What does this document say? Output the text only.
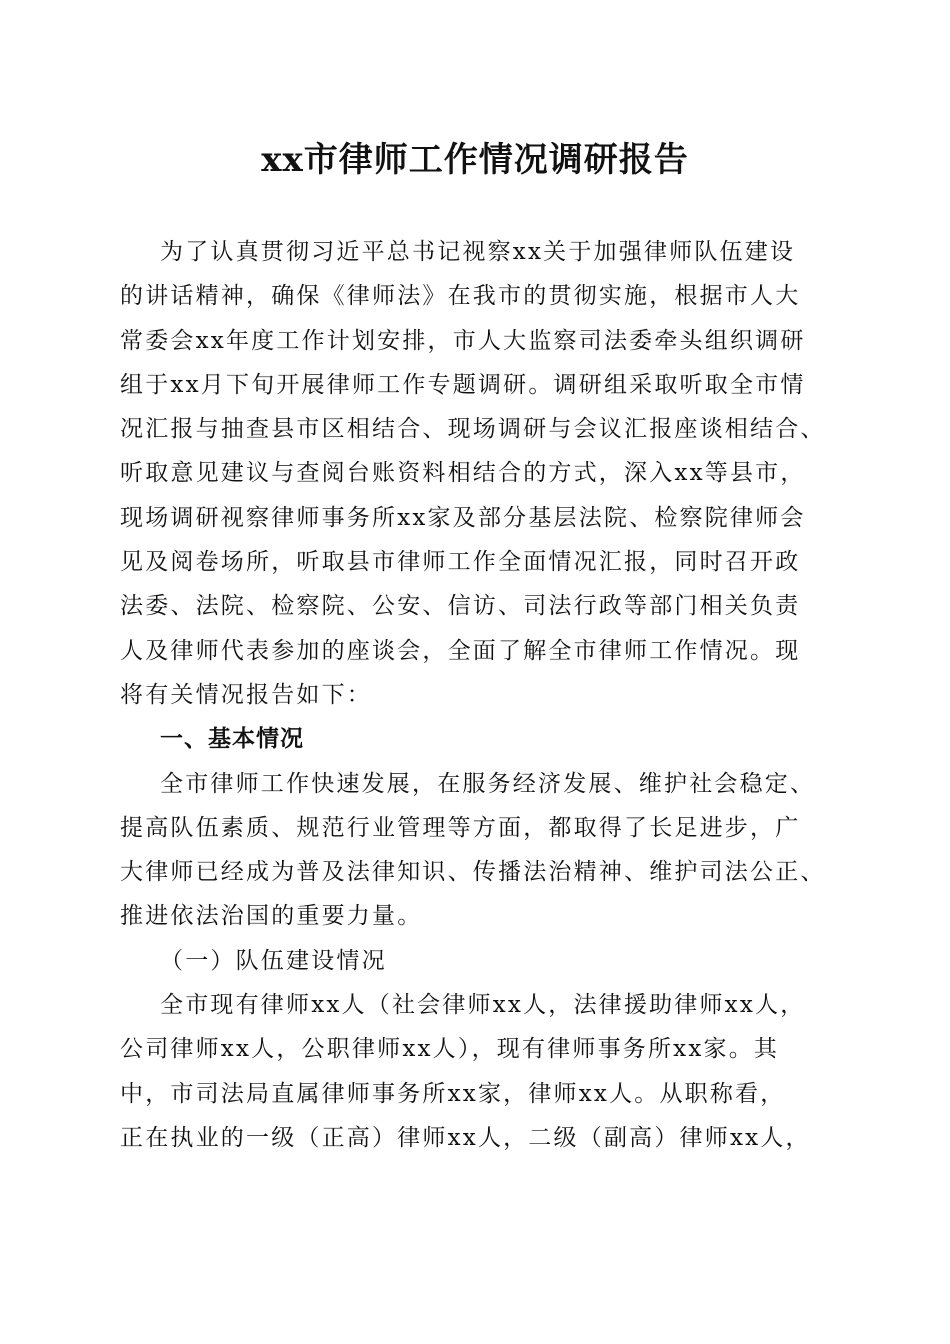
xx市律师工作情况调研报告
为了认真贯彻习近平总书记视察xx关于加强律师队伍建设
的讲话精神，确保《律师法》在我市的贯彻实施，根据市人大
常委会xx年度工作计划安排，市人大监察司法委牵头组织调研
组于xx月下旬开展律师工作专题调研。调研组采取听取全市情
况汇报与抽查县市区相结合、现场调研与会议汇报座谈相结合、
听取意见建议与查阅台账资料相结合的方式，深入xx等县市，
现场调研视察律师事务所xx家及部分基层法院、检察院律师会
见及阅卷场所，听取县市律师工作全面情况汇报，同时召开政
法委、法院、检察院、公安、信访、司法行政等部门相关负责
人及律师代表参加的座谈会，全面了解全市律师工作情况。现
将有关情况报告如下：
一、基本情况
全市律师工作快速发展，在服务经济发展、维护社会稳定、
提高队伍素质、规范行业管理等方面，都取得了长足进步，广
大律师已经成为普及法律知识、传播法治精神、维护司法公正、
推进依法治国的重要力量。
（一）队伍建设情况
全市现有律师xx人（社会律师xx人，法律援助律师xx人，
公司律师xx人，公职律师xx人），现有律师事务所xx家。其
中，市司法局直属律师事务所xx家，律师xx人。从职称看，
正在执业的一级（正高）律师xx人，二级（副高）律师xx人，
